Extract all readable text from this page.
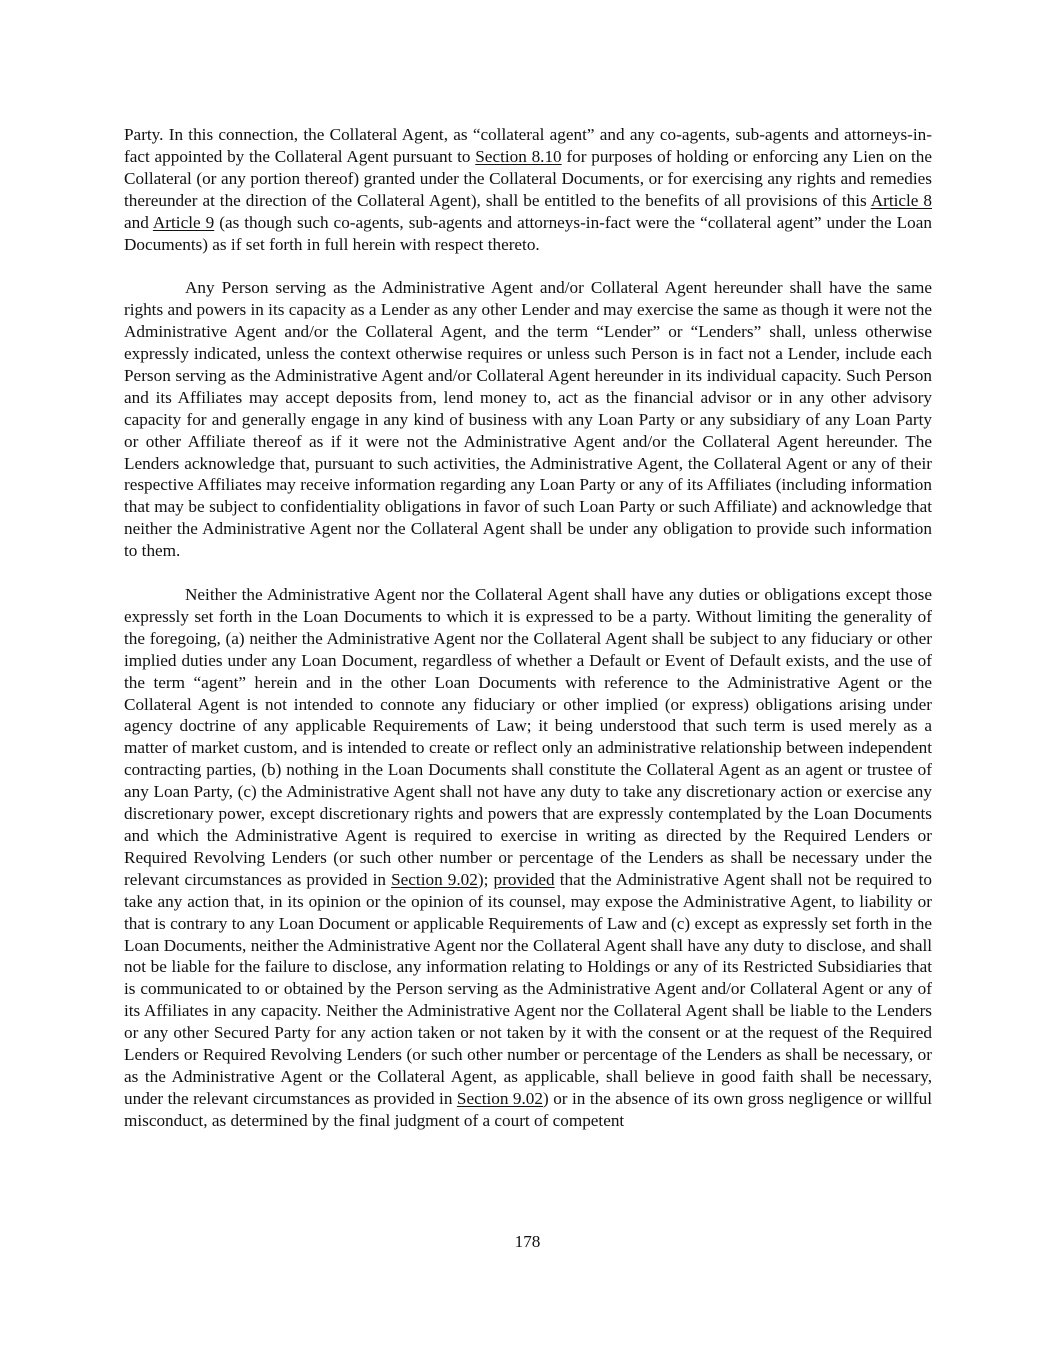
Party. In this connection, the Collateral Agent, as “collateral agent” and any co-agents, sub-agents and attorneys-in-fact appointed by the Collateral Agent pursuant to Section 8.10 for purposes of holding or enforcing any Lien on the Collateral (or any portion thereof) granted under the Collateral Documents, or for exercising any rights and remedies thereunder at the direction of the Collateral Agent), shall be entitled to the benefits of all provisions of this Article 8 and Article 9 (as though such co-agents, sub-agents and attorneys-in-fact were the “collateral agent” under the Loan Documents) as if set forth in full herein with respect thereto.

Any Person serving as the Administrative Agent and/or Collateral Agent hereunder shall have the same rights and powers in its capacity as a Lender as any other Lender and may exercise the same as though it were not the Administrative Agent and/or the Collateral Agent, and the term “Lender” or “Lenders” shall, unless otherwise expressly indicated, unless the context otherwise requires or unless such Person is in fact not a Lender, include each Person serving as the Administrative Agent and/or Collateral Agent hereunder in its individual capacity. Such Person and its Affiliates may accept deposits from, lend money to, act as the financial advisor or in any other advisory capacity for and generally engage in any kind of business with any Loan Party or any subsidiary of any Loan Party or other Affiliate thereof as if it were not the Administrative Agent and/or the Collateral Agent hereunder. The Lenders acknowledge that, pursuant to such activities, the Administrative Agent, the Collateral Agent or any of their respective Affiliates may receive information regarding any Loan Party or any of its Affiliates (including information that may be subject to confidentiality obligations in favor of such Loan Party or such Affiliate) and acknowledge that neither the Administrative Agent nor the Collateral Agent shall be under any obligation to provide such information to them.

Neither the Administrative Agent nor the Collateral Agent shall have any duties or obligations except those expressly set forth in the Loan Documents to which it is expressed to be a party. Without limiting the generality of the foregoing, (a) neither the Administrative Agent nor the Collateral Agent shall be subject to any fiduciary or other implied duties under any Loan Document, regardless of whether a Default or Event of Default exists, and the use of the term “agent” herein and in the other Loan Documents with reference to the Administrative Agent or the Collateral Agent is not intended to connote any fiduciary or other implied (or express) obligations arising under agency doctrine of any applicable Requirements of Law; it being understood that such term is used merely as a matter of market custom, and is intended to create or reflect only an administrative relationship between independent contracting parties, (b) nothing in the Loan Documents shall constitute the Collateral Agent as an agent or trustee of any Loan Party, (c) the Administrative Agent shall not have any duty to take any discretionary action or exercise any discretionary power, except discretionary rights and powers that are expressly contemplated by the Loan Documents and which the Administrative Agent is required to exercise in writing as directed by the Required Lenders or Required Revolving Lenders (or such other number or percentage of the Lenders as shall be necessary under the relevant circumstances as provided in Section 9.02); provided that the Administrative Agent shall not be required to take any action that, in its opinion or the opinion of its counsel, may expose the Administrative Agent, to liability or that is contrary to any Loan Document or applicable Requirements of Law and (c) except as expressly set forth in the Loan Documents, neither the Administrative Agent nor the Collateral Agent shall have any duty to disclose, and shall not be liable for the failure to disclose, any information relating to Holdings or any of its Restricted Subsidiaries that is communicated to or obtained by the Person serving as the Administrative Agent and/or Collateral Agent or any of its Affiliates in any capacity. Neither the Administrative Agent nor the Collateral Agent shall be liable to the Lenders or any other Secured Party for any action taken or not taken by it with the consent or at the request of the Required Lenders or Required Revolving Lenders (or such other number or percentage of the Lenders as shall be necessary, or as the Administrative Agent or the Collateral Agent, as applicable, shall believe in good faith shall be necessary, under the relevant circumstances as provided in Section 9.02) or in the absence of its own gross negligence or willful misconduct, as determined by the final judgment of a court of competent

178
